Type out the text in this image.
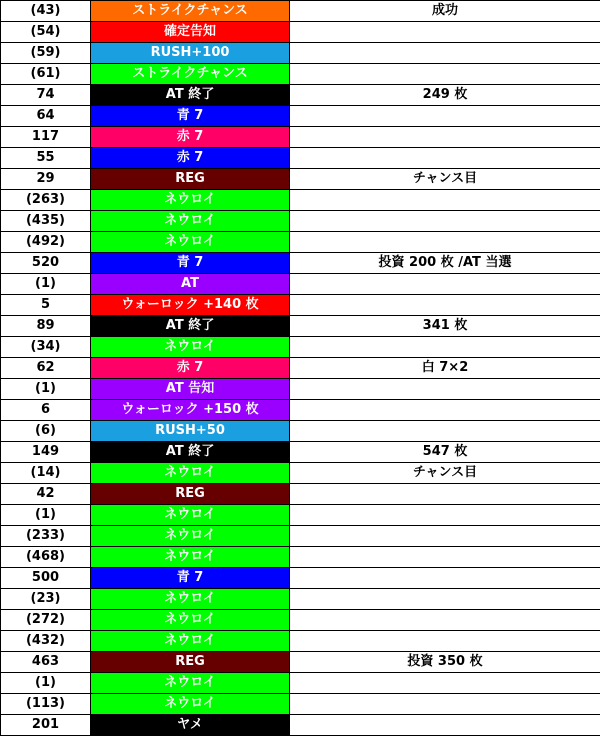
(43)	ストライクチャンス	成功
(54)	確定告知	
(59)	RUSH+100	
(61)	ストライクチャンス	
74	AT 終了	249 枚
64	青 7	
117	赤 7	
55	赤 7	
29	REG	チャンス目
(263)	ネウロイ	
(435)	ネウロイ	
(492)	ネウロイ	
520	青 7	投資 200 枚 /AT 当選
(1)	AT	
5	ウォーロック +140 枚	
89	AT 終了	341 枚
(34)	ネウロイ	
62	赤 7	白 7×2
(1)	AT 告知	
6	ウォーロック +150 枚	
(6)	RUSH+50	
149	AT 終了	547 枚
(14)	ネウロイ	チャンス目
42	REG	
(1)	ネウロイ	
(233)	ネウロイ	
(468)	ネウロイ	
500	青 7	
(23)	ネウロイ	
(272)	ネウロイ	
(432)	ネウロイ	
463	REG	投資 350 枚
(1)	ネウロイ	
(113)	ネウロイ	
201	ヤメ	
